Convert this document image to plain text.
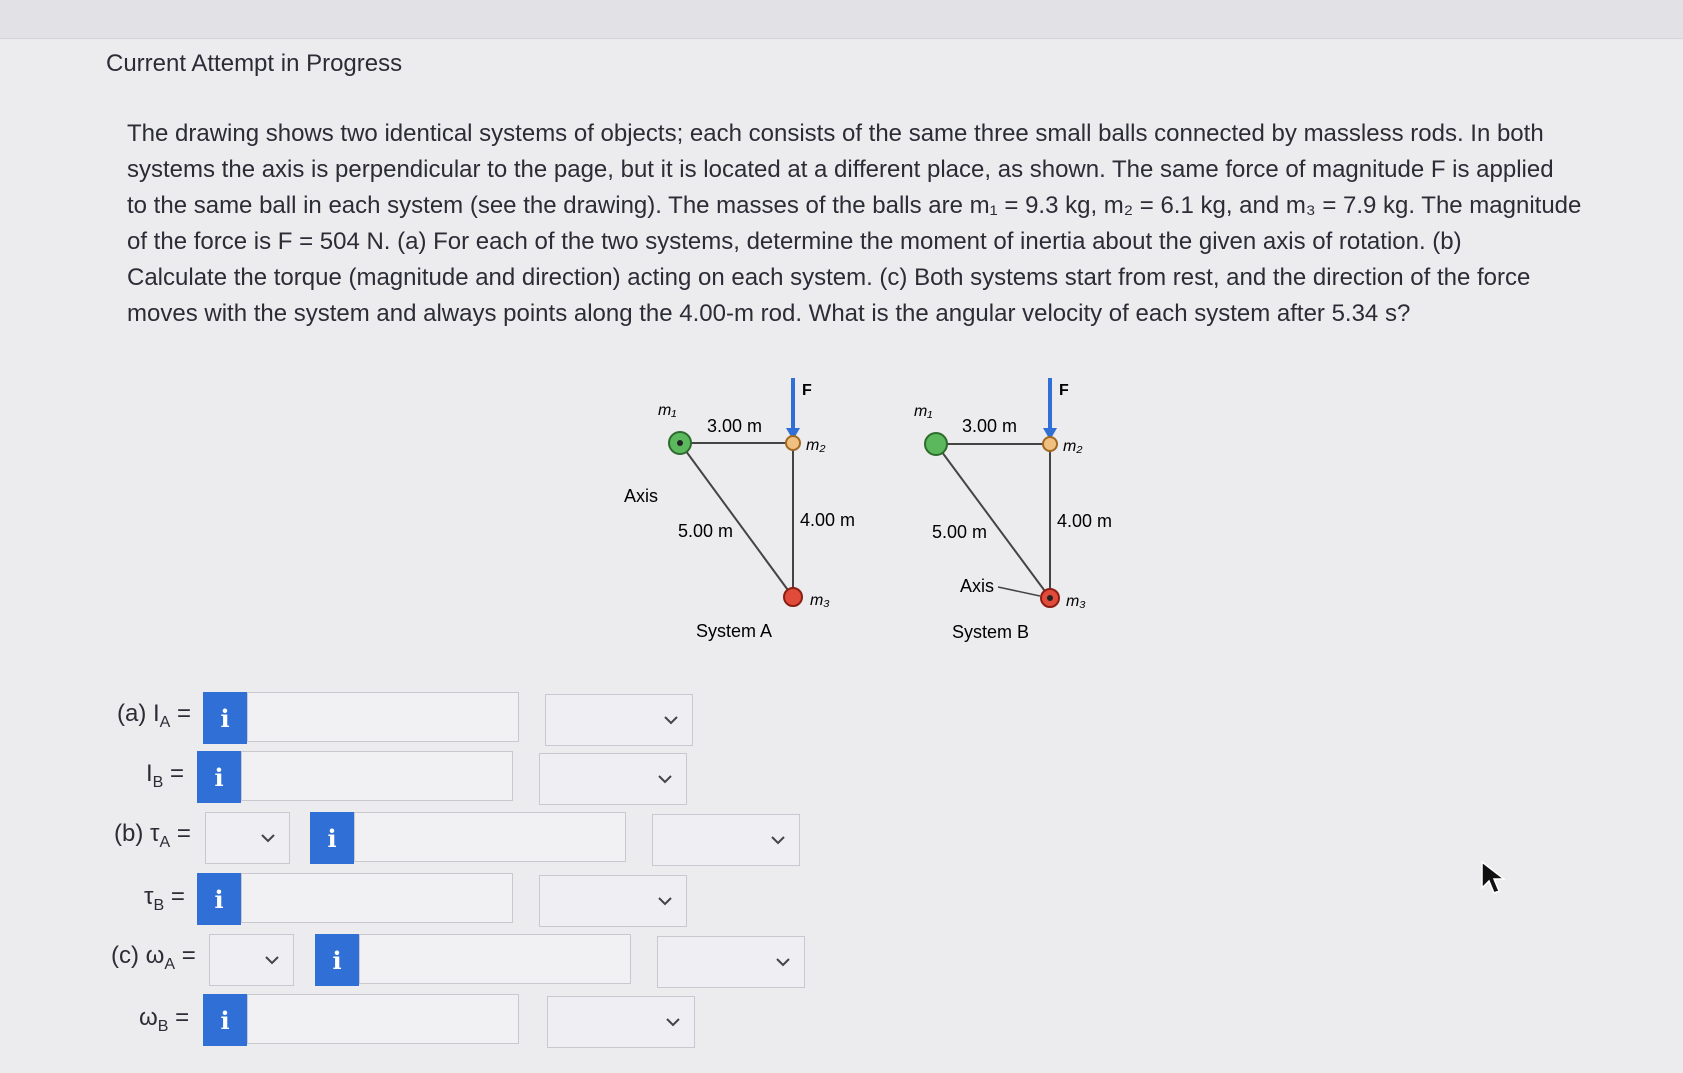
Current Attempt in Progress
The drawing shows two identical systems of objects; each consists of the same three small balls connected by massless rods. In both
systems the axis is perpendicular to the page, but it is located at a different place, as shown. The same force of magnitude F is applied
to the same ball in each system (see the drawing). The masses of the balls are m₁ = 9.3 kg, m₂ = 6.1 kg, and m₃ = 7.9 kg. The magnitude
of the force is F = 504 N. (a) For each of the two systems, determine the moment of inertia about the given axis of rotation. (b)
Calculate the torque (magnitude and direction) acting on each system. (c) Both systems start from rest, and the direction of the force
moves with the system and always points along the 4.00-m rod. What is the angular velocity of each system after 5.34 s?
F
m₁
m₂
m₃
3.00 m
5.00 m
4.00 m
Axis
System A
F
m₁
m₂
m₃
3.00 m
5.00 m
4.00 m
Axis
System B
(a) $I_A = i$
$I_B = i$
(b) $\tau_A$ =	i
$\tau_B = i$
(c) $\omega_A$ =	i
$\omega_B = i$
